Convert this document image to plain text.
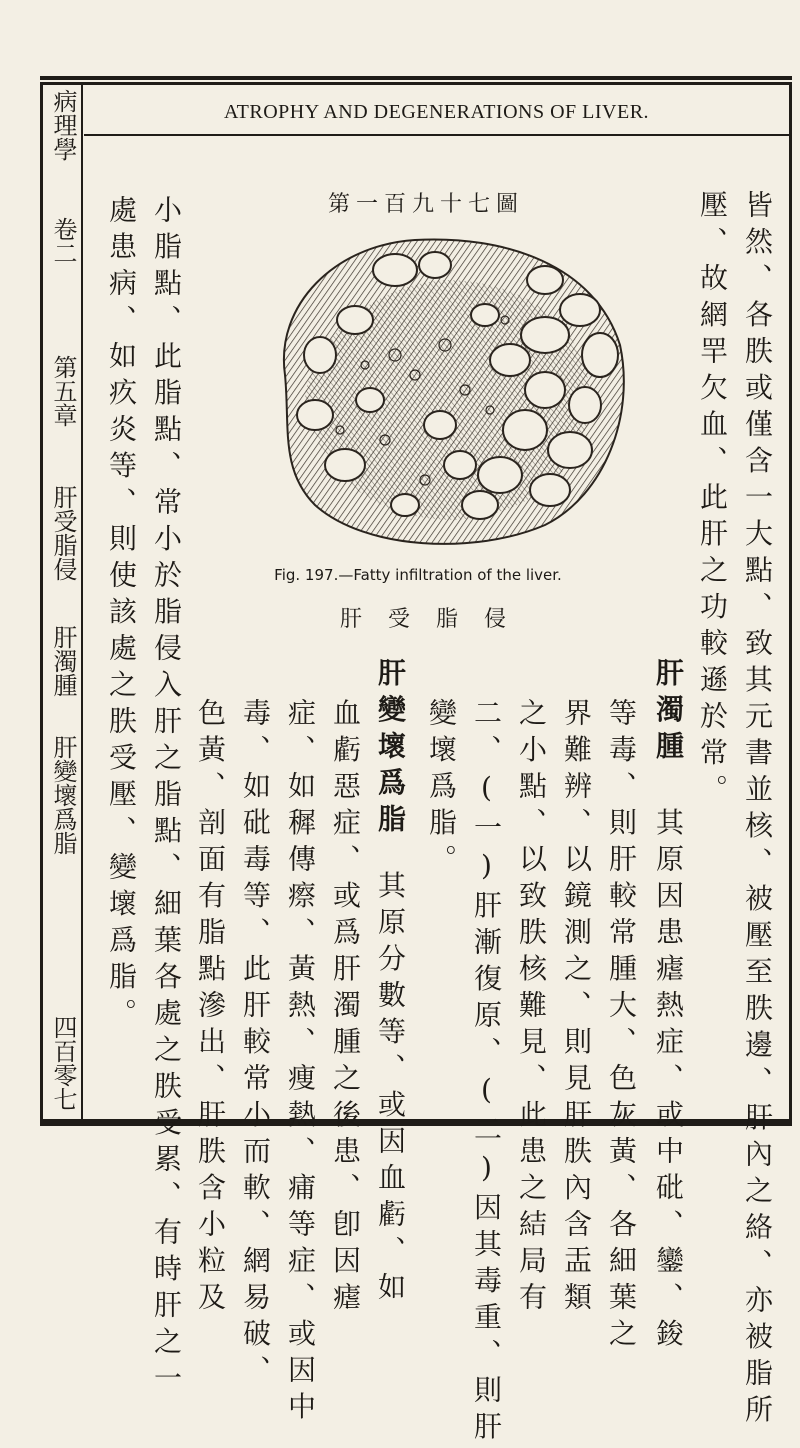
病理學
卷二
第五章
肝受脂侵
肝濁腫
肝變壞爲脂
四百零七
ATROPHY AND DEGENERATIONS OF LIVER.
皆然、各胅或僅含一大點、致其元書並核、被壓至胅邊、肝內之絡、亦被脂所
壓、故網䍐欠血、此肝之功較遜於常。
肝濁腫其原因患瘧熱症、或中砒、鑾、鋑
等毒、則肝較常腫大、色灰黃、各細葉之
界難辨、以鏡測之、則見肝胅內含㿻類
之小點、以致胅核難見、此患之結局有
二、(一)肝漸復原、(二)因其毒重、則肝
變壞爲脂。
肝變壞爲脂其原分數等、或因血虧、如
血虧惡症、或爲肝濁腫之後患、卽因瘧
症、如穉傳瘵、黃熱、痩熱、痡等症、或因中
毒、如砒毒等、此肝較常小而軟、網易破、
色黃、剖面有脂點滲出、肝胅含小粒及
小脂點、此脂點、常小於脂侵入肝之脂點、細葉各處之胅受累、有時肝之一
處患病、如疚炎等、則使該處之胅受壓、變壞爲脂。	第一百九十七圖
Fig. 197.—Fatty infiltration of the liver.
肝受脂侵
